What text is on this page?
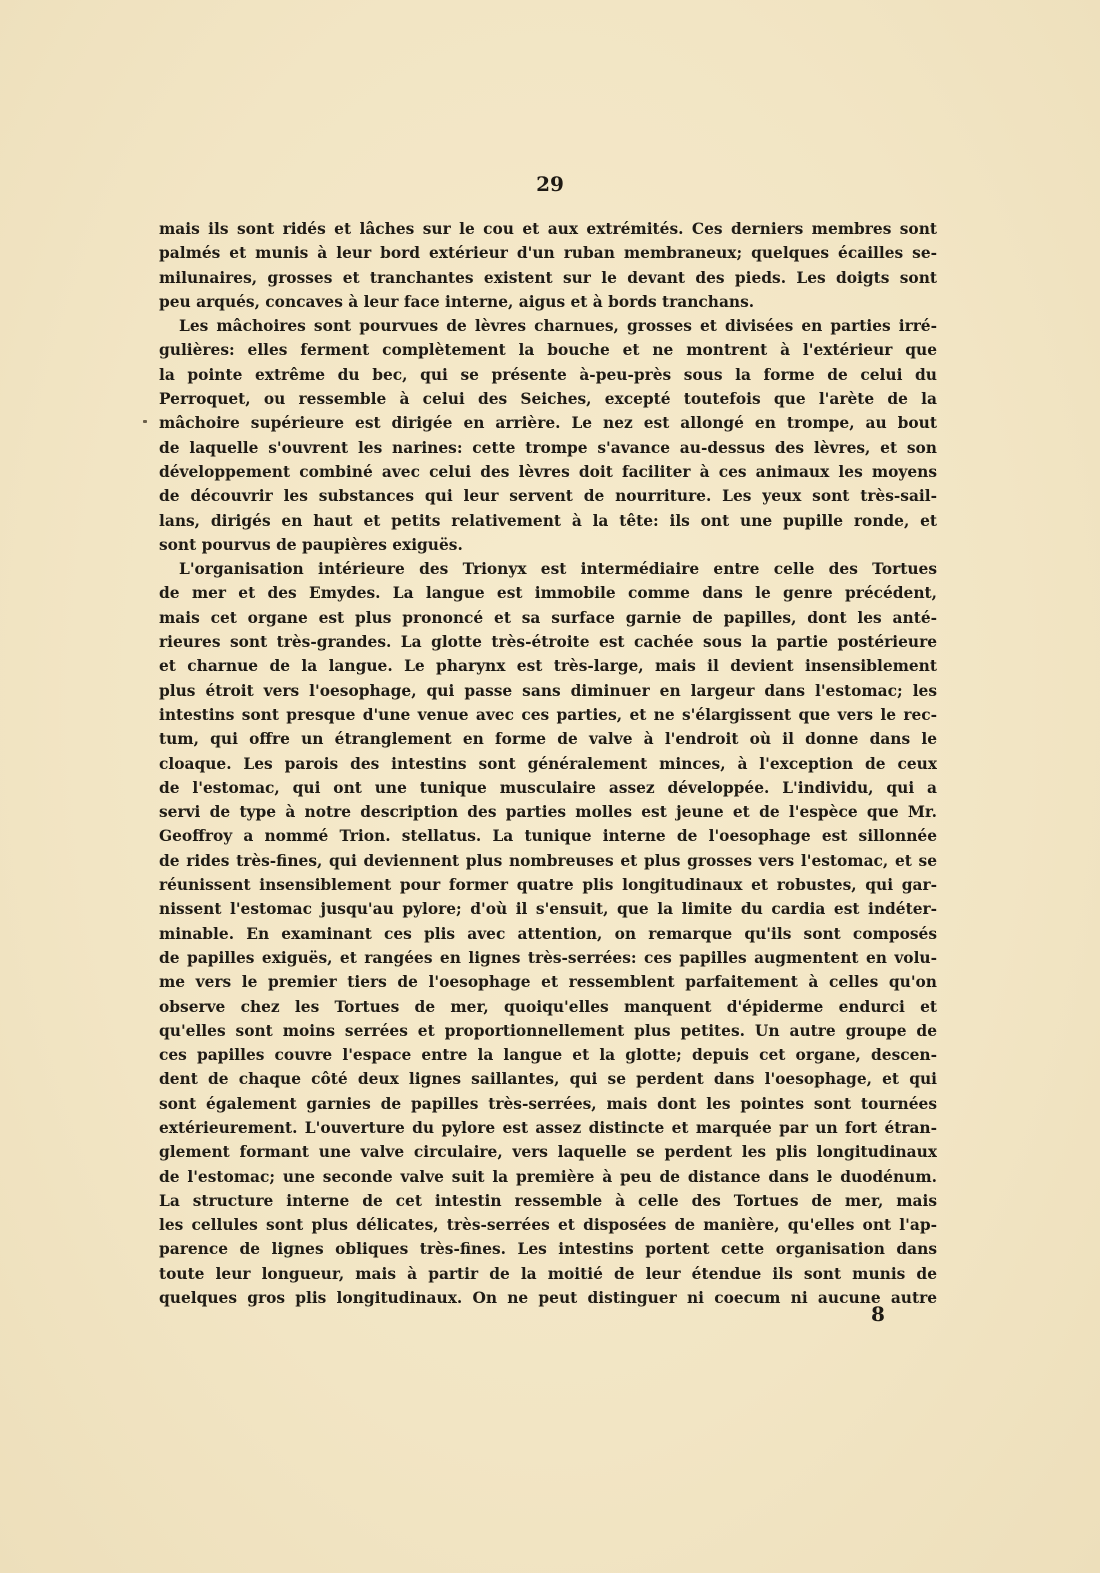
29
mais ils sont ridés et lâches sur le cou et aux extrémités. Ces derniers membres sont
palmés et munis à leur bord extérieur d'un ruban membraneux; quelques écailles se-
milunaires, grosses et tranchantes existent sur le devant des pieds. Les doigts sont
peu arqués, concaves à leur face interne, aigus et à bords tranchans.
Les mâchoires sont pourvues de lèvres charnues, grosses et divisées en parties irré-
gulières: elles ferment complètement la bouche et ne montrent à l'extérieur que
la pointe extrême du bec, qui se présente à-peu-près sous la forme de celui du
Perroquet, ou ressemble à celui des Seiches, excepté toutefois que l'arète de la
mâchoire supérieure est dirigée en arrière. Le nez est allongé en trompe, au bout
de laquelle s'ouvrent les narines: cette trompe s'avance au-dessus des lèvres, et son
développement combiné avec celui des lèvres doit faciliter à ces animaux les moyens
de découvrir les substances qui leur servent de nourriture. Les yeux sont très-sail-
lans, dirigés en haut et petits relativement à la tête: ils ont une pupille ronde, et
sont pourvus de paupières exiguës.
L'organisation intérieure des Trionyx est intermédiaire entre celle des Tortues
de mer et des Emydes. La langue est immobile comme dans le genre précédent,
mais cet organe est plus prononcé et sa surface garnie de papilles, dont les anté-
rieures sont très-grandes. La glotte très-étroite est cachée sous la partie postérieure
et charnue de la langue. Le pharynx est très-large, mais il devient insensiblement
plus étroit vers l'oesophage, qui passe sans diminuer en largeur dans l'estomac; les
intestins sont presque d'une venue avec ces parties, et ne s'élargissent que vers le rec-
tum, qui offre un étranglement en forme de valve à l'endroit où il donne dans le
cloaque. Les parois des intestins sont généralement minces, à l'exception de ceux
de l'estomac, qui ont une tunique musculaire assez développée. L'individu, qui a
servi de type à notre description des parties molles est jeune et de l'espèce que Mr.
Geoffroy a nommé Trion. stellatus. La tunique interne de l'oesophage est sillonnée
de rides très-fines, qui deviennent plus nombreuses et plus grosses vers l'estomac, et se
réunissent insensiblement pour former quatre plis longitudinaux et robustes, qui gar-
nissent l'estomac jusqu'au pylore; d'où il s'ensuit, que la limite du cardia est indéter-
minable. En examinant ces plis avec attention, on remarque qu'ils sont composés
de papilles exiguës, et rangées en lignes très-serrées: ces papilles augmentent en volu-
me vers le premier tiers de l'oesophage et ressemblent parfaitement à celles qu'on
observe chez les Tortues de mer, quoiqu'elles manquent d'épiderme endurci et
qu'elles sont moins serrées et proportionnellement plus petites. Un autre groupe de
ces papilles couvre l'espace entre la langue et la glotte; depuis cet organe, descen-
dent de chaque côté deux lignes saillantes, qui se perdent dans l'oesophage, et qui
sont également garnies de papilles très-serrées, mais dont les pointes sont tournées
extérieurement. L'ouverture du pylore est assez distincte et marquée par un fort étran-
glement formant une valve circulaire, vers laquelle se perdent les plis longitudinaux
de l'estomac; une seconde valve suit la première à peu de distance dans le duodénum.
La structure interne de cet intestin ressemble à celle des Tortues de mer, mais
les cellules sont plus délicates, très-serrées et disposées de manière, qu'elles ont l'ap-
parence de lignes obliques très-fines. Les intestins portent cette organisation dans
toute leur longueur, mais à partir de la moitié de leur étendue ils sont munis de
quelques gros plis longitudinaux. On ne peut distinguer ni coecum ni aucune autre
8
